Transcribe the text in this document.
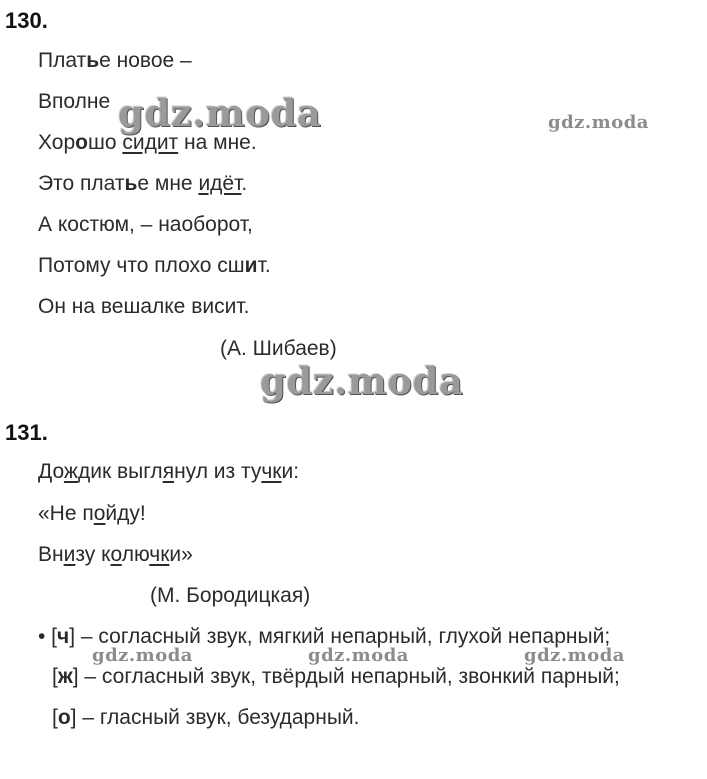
130.
Платье новое –
Вполне
Хорошо сидит на мне.
Это платье мне идёт.
А костюм, – наоборот,
Потому что плохо сшит.
Он на вешалке висит.
(А. Шибаев)
131.
Дождик выглянул из тучки:
«Не пойду!
Внизу колючки»
(М. Бородицкая)
• [ч] – согласный звук, мягкий непарный, глухой непарный;
[ж] – согласный звук, твёрдый непарный, звонкий парный;
[о] – гласный звук, безударный.
gdz.moda	gdz.moda
gdz.moda
gdz.moda	gdz.moda	gdz.moda
